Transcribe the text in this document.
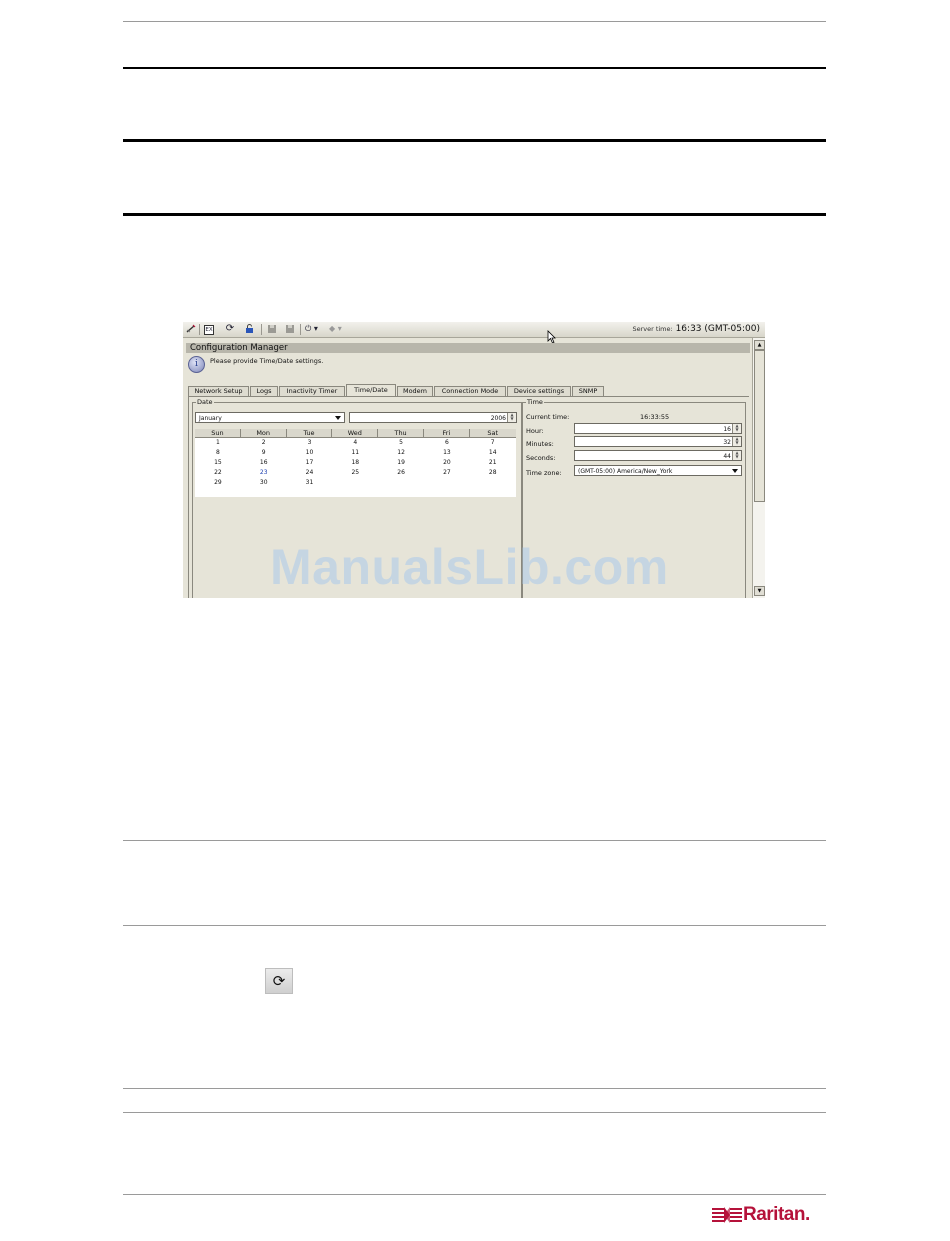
EX ⟳	⏻ ▾	◆ ▾	Server time: 16:33 (GMT-05:00)
Configuration Manager
i	Please provide Time/Date settings.
Network Setup	Logs	Inactivity Timer	Time/Date	Modem	Connection Mode	Device settings	SNMP
Date
January	2006
▲
▼
Sun	Mon	Tue	Wed	Thu	Fri	Sat
1	2	3	4	5	6	7
8	9	10	11	12	13	14
15	16	17	18	19	20	21
22	23	24	25	26	27	28
29	30	31
Time
Current time:	16:33:55
Hour:	16
▲
▼
Minutes:	32
▲
▼
Seconds:	44
▲
▼
Time zone:	(GMT-05:00) America/New_York
▲
▼
ManualsLib.com
⟳
Raritan.
